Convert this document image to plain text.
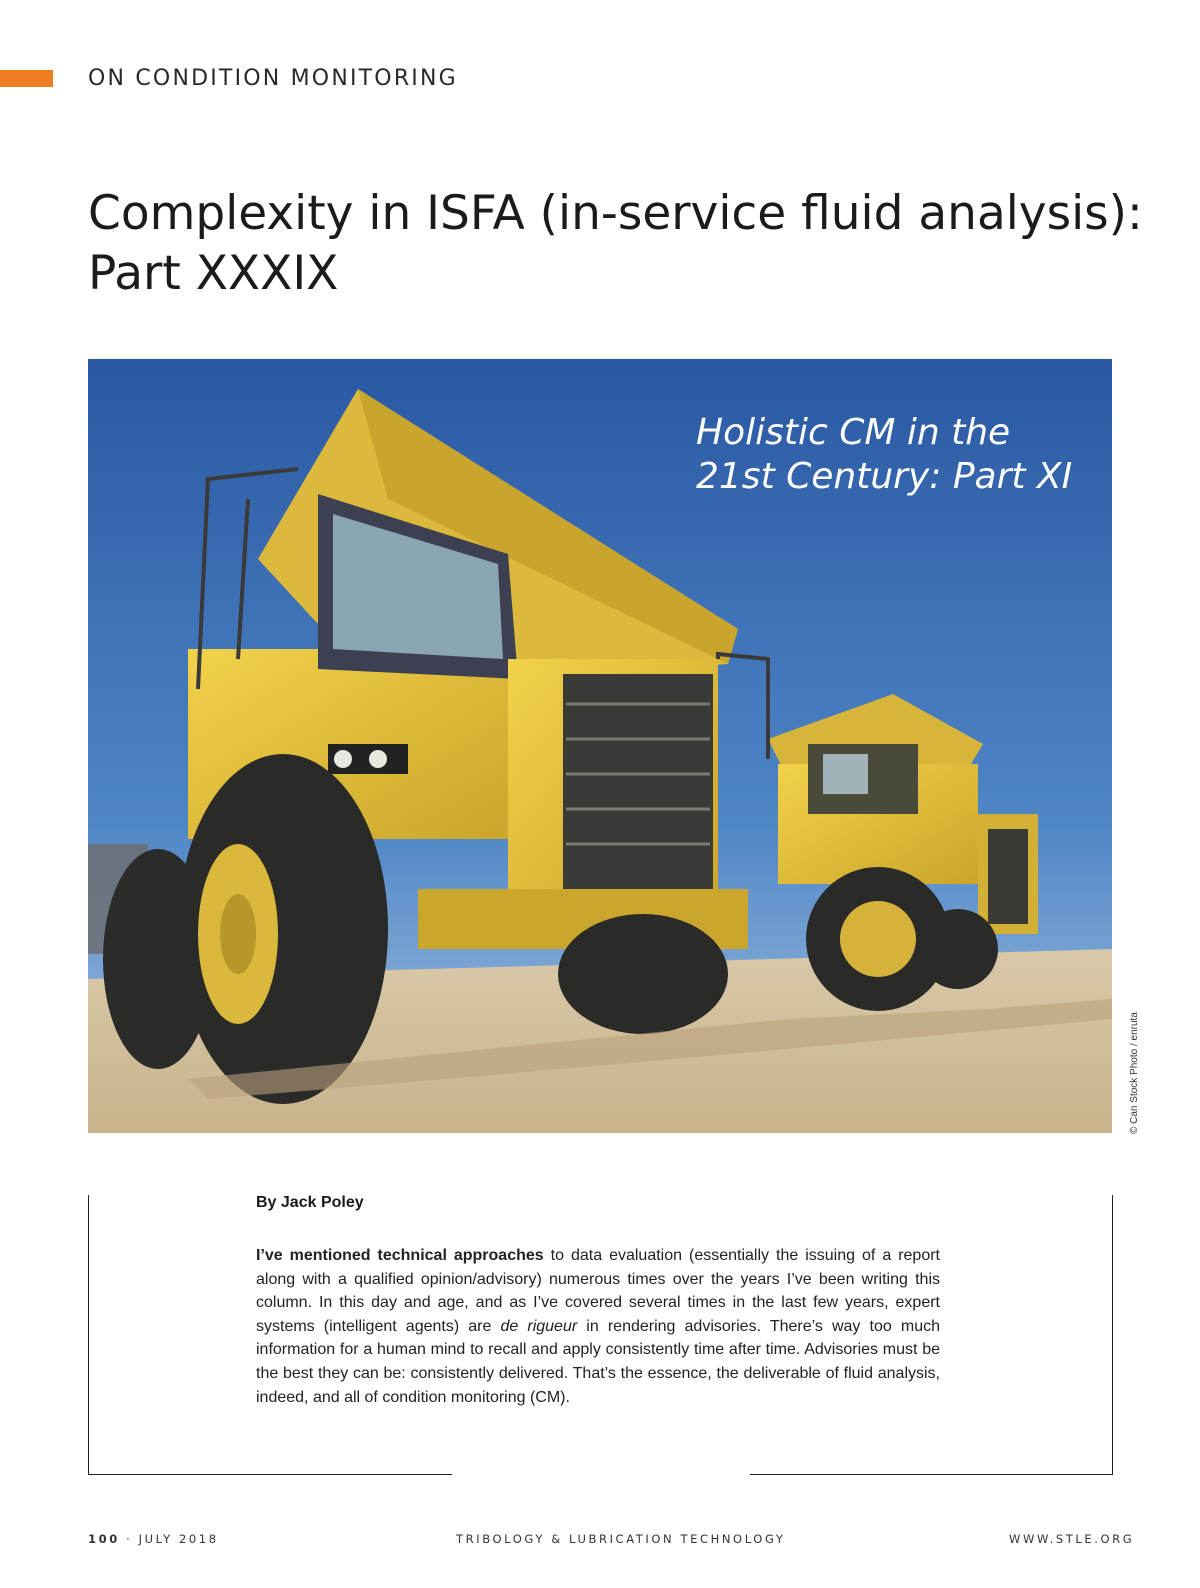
ON CONDITION MONITORING
Complexity in ISFA (in-service fluid analysis):
Part XXXIX
Holistic CM in the
21st Century: Part XI
© Can Stock Photo / enruta
By Jack Poley

I’ve mentioned technical approaches to data evaluation (essentially the issuing of a report along with a qualified opinion/advisory) numerous times over the years I’ve been writing this column. In this day and age, and as I’ve covered several times in the last few years, expert systems (intelligent agents) are de rigueur in rendering advisories. There’s way too much information for a human mind to recall and apply consistently time after time. Advisories must be the best they can be: consistently delivered. That’s the essence, the deliverable of fluid analysis, indeed, and all of condition monitoring (CM).

100 · JULY 2018	TRIBOLOGY & LUBRICATION TECHNOLOGY	WWW.STLE.ORG
